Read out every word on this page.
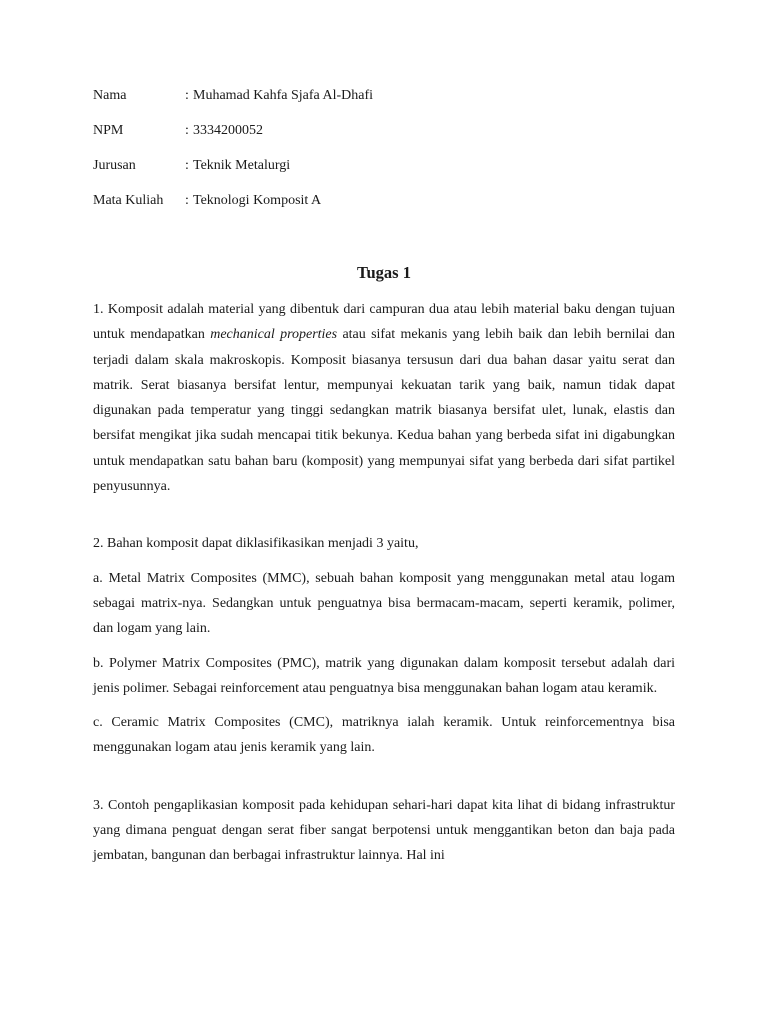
Nama	: Muhamad Kahfa Sjafa Al-Dhafi
NPM	: 3334200052
Jurusan	: Teknik Metalurgi
Mata Kuliah	: Teknologi Komposit A
Tugas 1

1. Komposit adalah material yang dibentuk dari campuran dua atau lebih material baku dengan tujuan untuk mendapatkan mechanical properties atau sifat mekanis yang lebih baik dan lebih bernilai dan terjadi dalam skala makroskopis. Komposit biasanya tersusun dari dua bahan dasar yaitu serat dan matrik. Serat biasanya bersifat lentur, mempunyai kekuatan tarik yang baik, namun tidak dapat digunakan pada temperatur yang tinggi sedangkan matrik biasanya bersifat ulet, lunak, elastis dan bersifat mengikat jika sudah mencapai titik bekunya. Kedua bahan yang berbeda sifat ini digabungkan untuk mendapatkan satu bahan baru (komposit) yang mempunyai sifat yang berbeda dari sifat partikel penyusunnya.

2. Bahan komposit dapat diklasifikasikan menjadi 3 yaitu,

a. Metal Matrix Composites (MMC), sebuah bahan komposit yang menggunakan metal atau logam sebagai matrix-nya. Sedangkan untuk penguatnya bisa bermacam-macam, seperti keramik, polimer, dan logam yang lain.

b. Polymer Matrix Composites (PMC), matrik yang digunakan dalam komposit tersebut adalah dari jenis polimer. Sebagai reinforcement atau penguatnya bisa menggunakan bahan logam atau keramik.

c. Ceramic Matrix Composites (CMC), matriknya ialah keramik. Untuk reinforcementnya bisa menggunakan logam atau jenis keramik yang lain.

3. Contoh pengaplikasian komposit pada kehidupan sehari-hari dapat kita lihat di bidang infrastruktur yang dimana penguat dengan serat fiber sangat berpotensi untuk menggantikan beton dan baja pada jembatan, bangunan dan berbagai infrastruktur lainnya. Hal ini
